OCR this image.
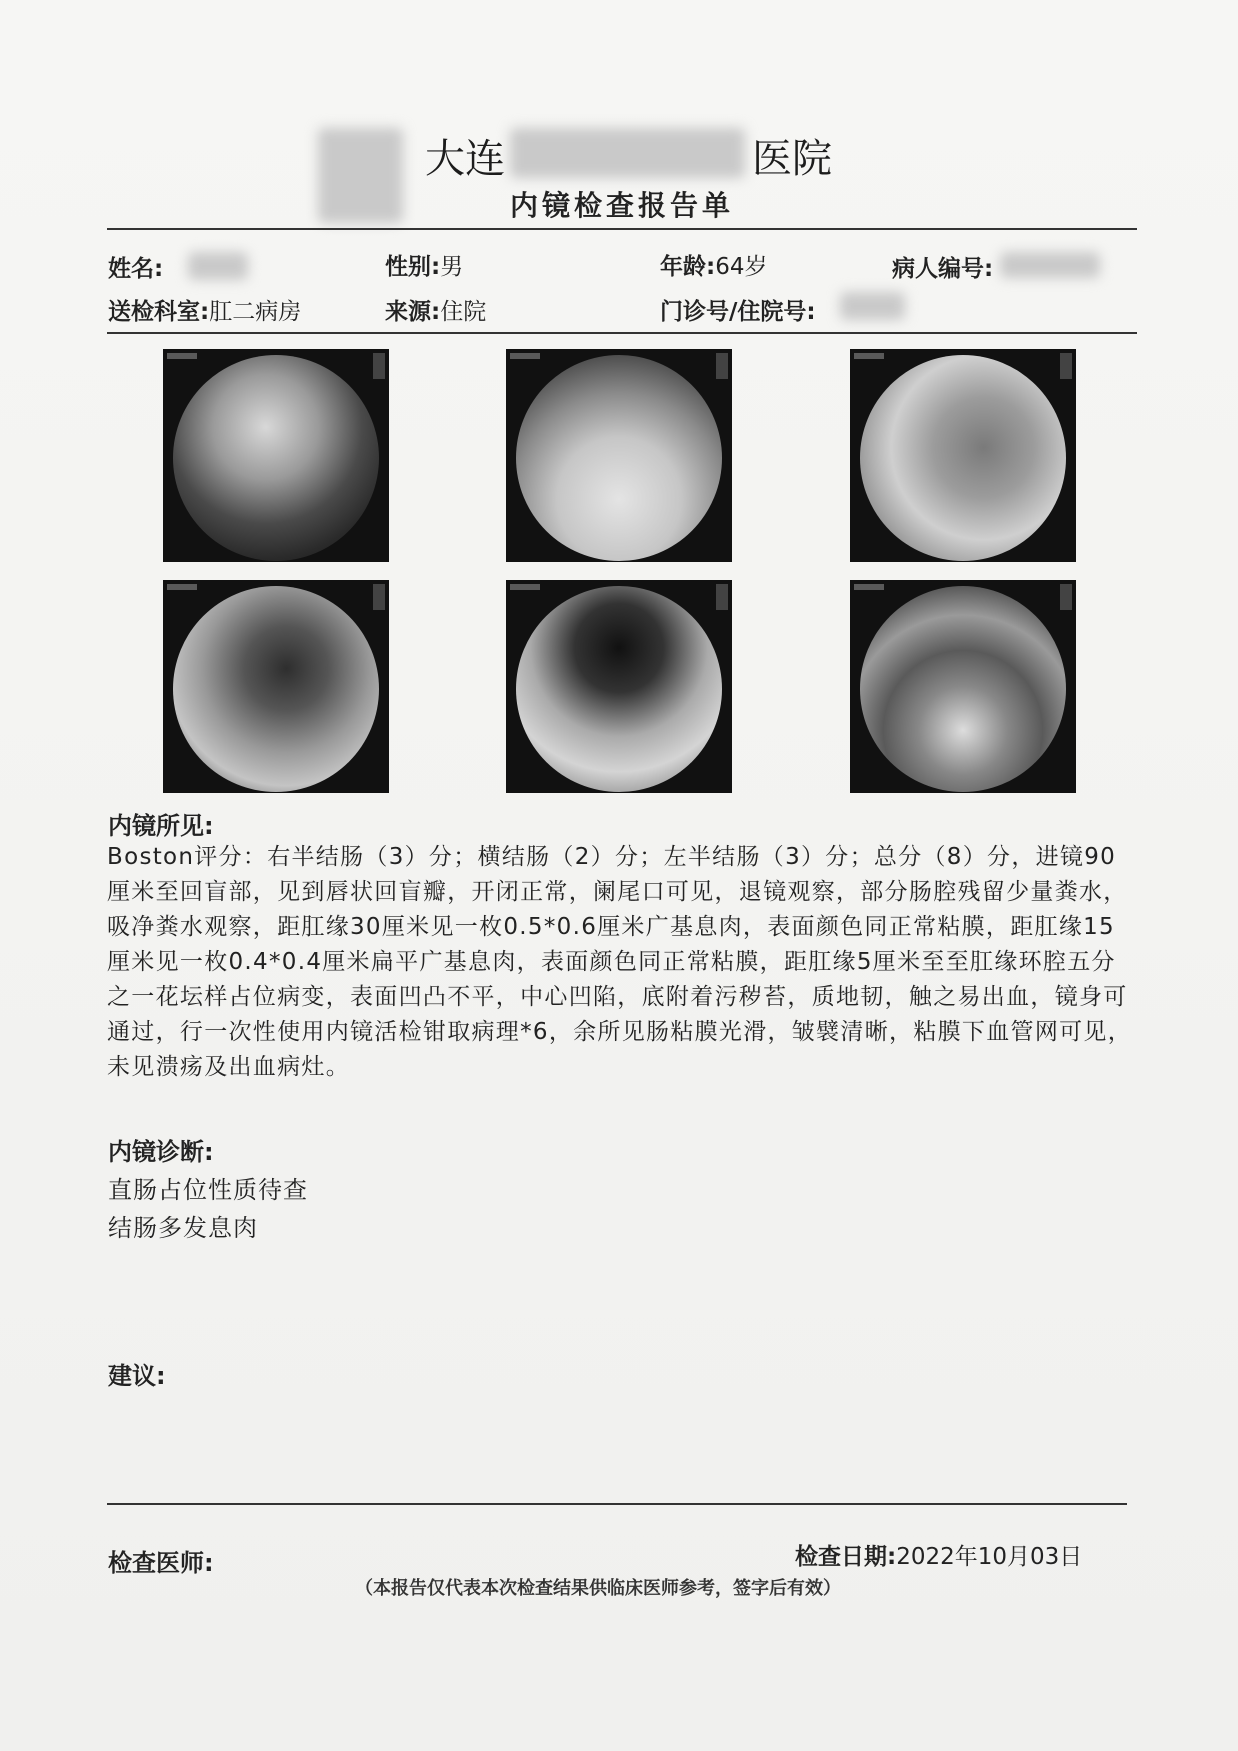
大连	医院
内镜检查报告单
姓名:	性别:男	年龄:64岁	病人编号:
送检科室:肛二病房	来源:住院	门诊号/住院号:
内镜所见:
Boston评分：右半结肠（3）分；横结肠（2）分；左半结肠（3）分；总分（8）分，进镜90厘米至回盲部，见到唇状回盲瓣，开闭正常，阑尾口可见，退镜观察，部分肠腔残留少量粪水，吸净粪水观察，距肛缘30厘米见一枚0.5*0.6厘米广基息肉，表面颜色同正常粘膜，距肛缘15厘米见一枚0.4*0.4厘米扁平广基息肉，表面颜色同正常粘膜，距肛缘5厘米至至肛缘环腔五分之一花坛样占位病变，表面凹凸不平，中心凹陷，底附着污秽苔，质地韧，触之易出血，镜身可通过，行一次性使用内镜活检钳取病理*6，余所见肠粘膜光滑，皱襞清晰，粘膜下血管网可见，未见溃疡及出血病灶。
内镜诊断:
直肠占位性质待查
结肠多发息肉
建议:
检查医师:	检查日期:2022年10月03日
（本报告仅代表本次检查结果供临床医师参考，签字后有效）
